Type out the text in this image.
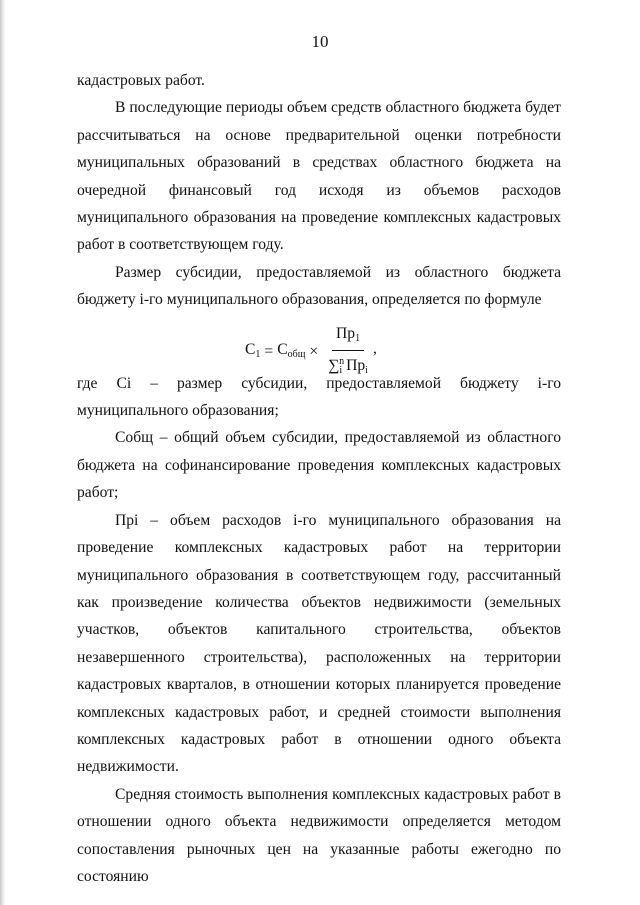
10

кадастровых работ.

В последующие периоды объем средств областного бюджета будет рассчитываться на основе предварительной оценки потребности муниципальных образований в средствах областного бюджета на очередной финансовый год исходя из объемов расходов муниципального образования на проведение комплексных кадастровых работ в соответствующем году.

Размер субсидии, предоставляемой из областного бюджета бюджету i-го муниципального образования, определяется по формуле

$C_1 = C_{общ} \times \frac{Пр_1}{\sum i^n Пр_i}$ ,

где Ci – размер субсидии, предоставляемой бюджету i-го муниципального образования;

Cобщ – общий объем субсидии, предоставляемой из областного бюджета на софинансирование проведения комплексных кадастровых работ;

Прi – объем расходов i-го муниципального образования на проведение комплексных кадастровых работ на территории муниципального образования в соответствующем году, рассчитанный как произведение количества объектов недвижимости (земельных участков, объектов капитального строительства, объектов незавершенного строительства), расположенных на территории кадастровых кварталов, в отношении которых планируется проведение комплексных кадастровых работ, и средней стоимости выполнения комплексных кадастровых работ в отношении одного объекта недвижимости.

Средняя стоимость выполнения комплексных кадастровых работ в отношении одного объекта недвижимости определяется методом сопоставления рыночных цен на указанные работы ежегодно по состоянию
